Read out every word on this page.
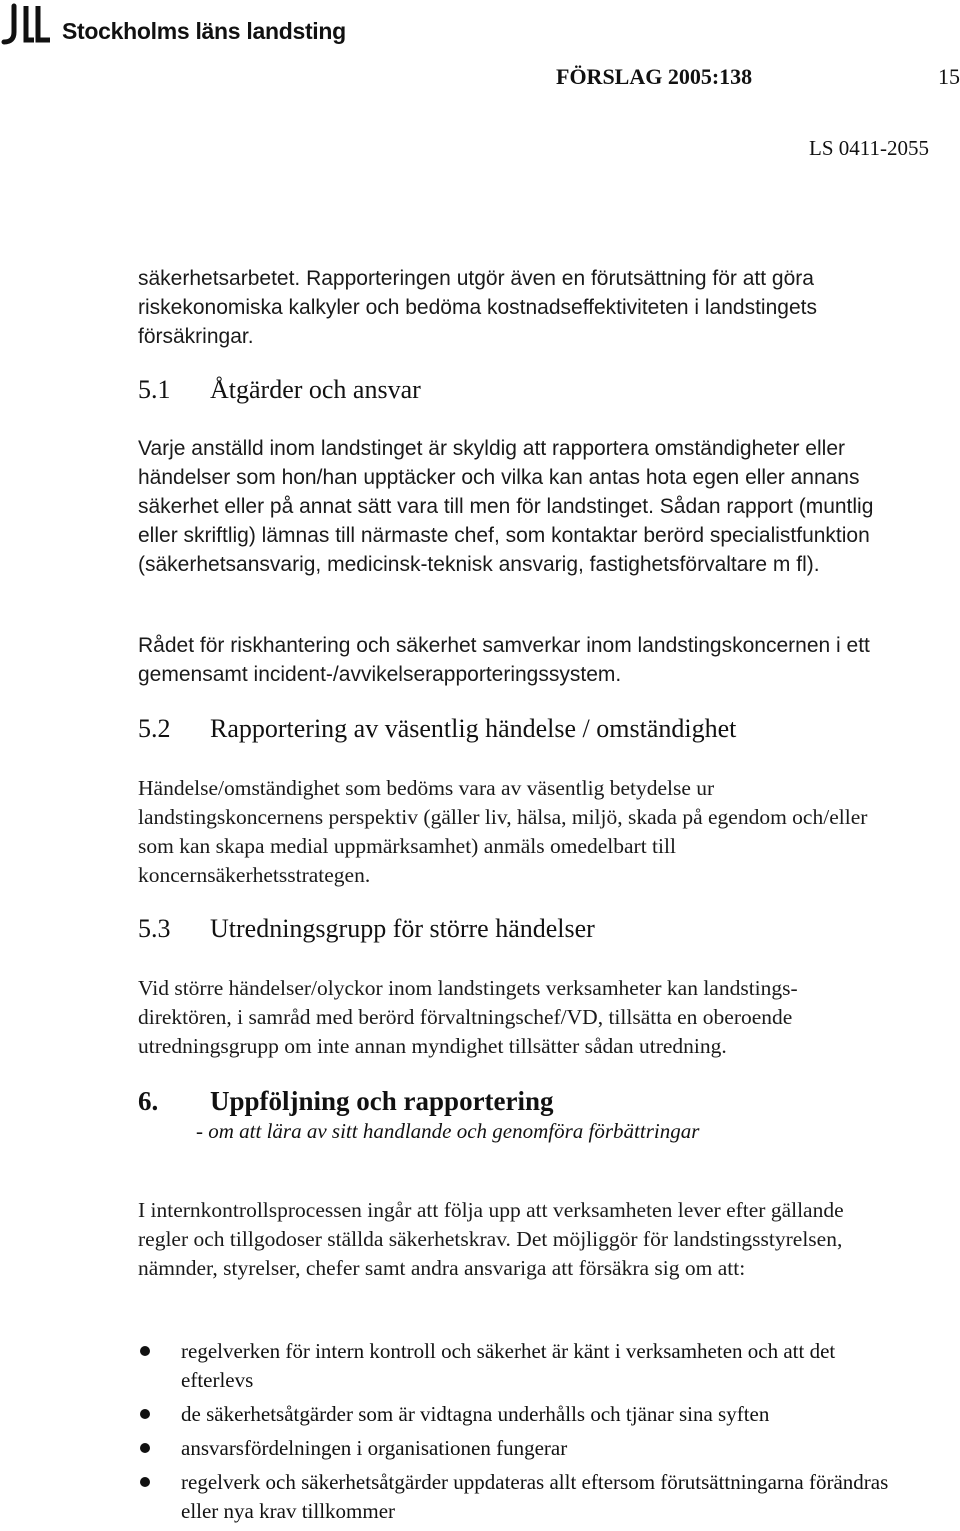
Stockholms läns landsting
FÖRSLAG 2005:138	15
LS 0411-2055
säkerhetsarbetet. Rapporteringen utgör även en förutsättning för att göra riskekonomiska kalkyler och bedöma kostnadseffektiviteten i landstingets försäkringar.
5.1 Åtgärder och ansvar
Varje anställd inom landstinget är skyldig att rapportera omständigheter eller händelser som hon/han upptäcker och vilka kan antas hota egen eller annans säkerhet eller på annat sätt vara till men för landstinget. Sådan rapport (muntlig eller skriftlig) lämnas till närmaste chef, som kontaktar berörd specialistfunktion (säkerhetsansvarig, medicinsk-teknisk ansvarig, fastighetsförvaltare m fl).
Rådet för riskhantering och säkerhet samverkar inom landstingskoncernen i ett gemensamt incident-/avvikelserapporteringssystem.
5.2 Rapportering av väsentlig händelse / omständighet
Händelse/omständighet som bedöms vara av väsentlig betydelse ur landstingskoncernens perspektiv (gäller liv, hälsa, miljö, skada på egendom och/eller som kan skapa medial uppmärksamhet) anmäls omedelbart till koncernsäkerhetsstrategen.
5.3 Utredningsgrupp för större händelser
Vid större händelser/olyckor inom landstingets verksamheter kan landstings-direktören, i samråd med berörd förvaltningschef/VD, tillsätta en oberoende utredningsgrupp om inte annan myndighet tillsätter sådan utredning.
6. Uppföljning och rapportering
- om att lära av sitt handlande och genomföra förbättringar
I internkontrollsprocessen ingår att följa upp att verksamheten lever efter gällande regler och tillgodoser ställda säkerhetskrav. Det möjliggör för landstingsstyrelsen, nämnder, styrelser, chefer samt andra ansvariga att försäkra sig om att:
regelverken för intern kontroll och säkerhet är känt i verksamheten och att det efterlevs
de säkerhetsåtgärder som är vidtagna underhålls och tjänar sina syften
ansvarsfördelningen i organisationen fungerar
regelverk och säkerhetsåtgärder uppdateras allt eftersom förutsättningarna förändras eller nya krav tillkommer
